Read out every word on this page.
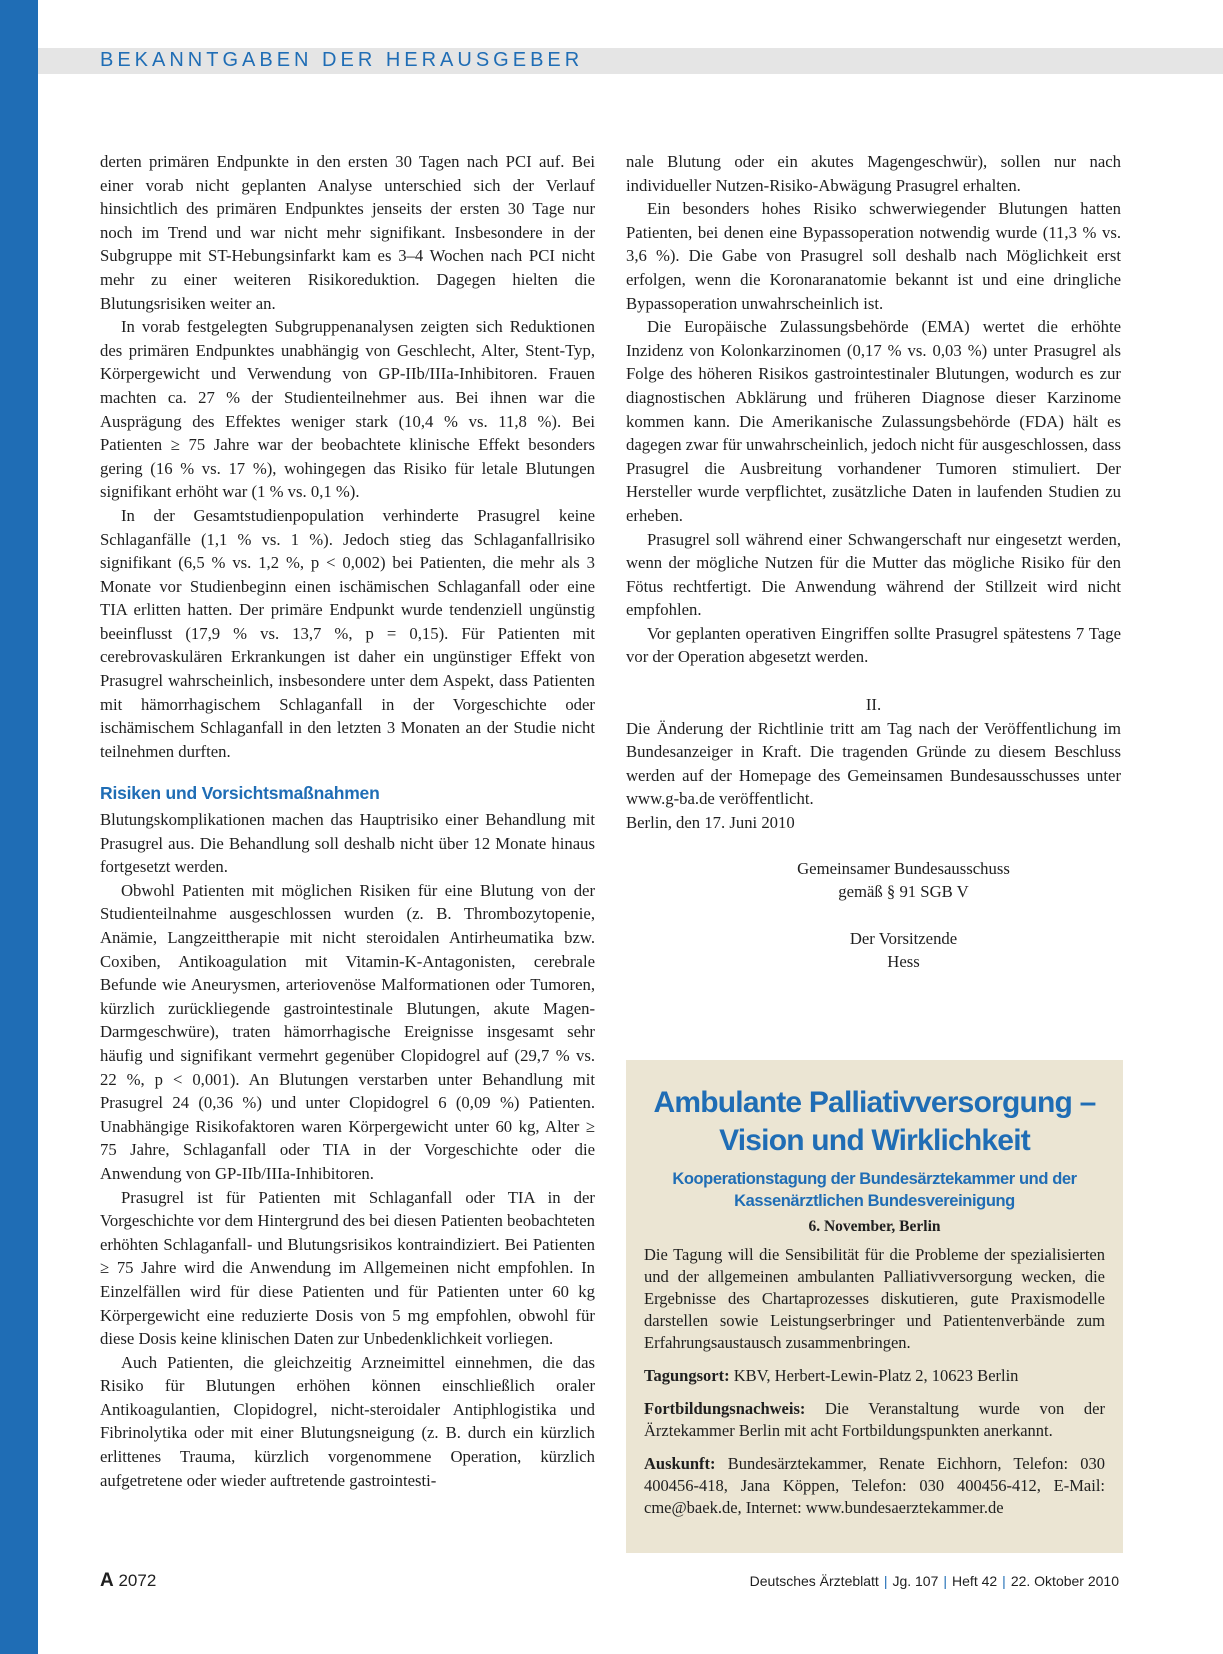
BEKANNTGABEN DER HERAUSGEBER

derten primären Endpunkte in den ersten 30 Tagen nach PCI auf. Bei einer vorab nicht geplanten Analyse unterschied sich der Verlauf hinsichtlich des primären Endpunktes jenseits der ersten 30 Tage nur noch im Trend und war nicht mehr signifikant. Insbesondere in der Subgruppe mit ST-Hebungsinfarkt kam es 3–4 Wochen nach PCI nicht mehr zu einer weiteren Risikoreduktion. Dagegen hielten die Blutungsrisiken weiter an.

In vorab festgelegten Subgruppenanalysen zeigten sich Reduktionen des primären Endpunktes unabhängig von Geschlecht, Alter, Stent-Typ, Körpergewicht und Verwendung von GP-IIb/IIIa-Inhibitoren. Frauen machten ca. 27 % der Studienteilnehmer aus. Bei ihnen war die Ausprägung des Effektes weniger stark (10,4 % vs. 11,8 %). Bei Patienten ≥ 75 Jahre war der beobachtete klinische Effekt besonders gering (16 % vs. 17 %), wohingegen das Risiko für letale Blutungen signifikant erhöht war (1 % vs. 0,1 %).

In der Gesamtstudienpopulation verhinderte Prasugrel keine Schlaganfälle (1,1 % vs. 1 %). Jedoch stieg das Schlaganfallrisiko signifikant (6,5 % vs. 1,2 %, p < 0,002) bei Patienten, die mehr als 3 Monate vor Studienbeginn einen ischämischen Schlaganfall oder eine TIA erlitten hatten. Der primäre Endpunkt wurde tendenziell ungünstig beeinflusst (17,9 % vs. 13,7 %, p = 0,15). Für Patienten mit cerebrovaskulären Erkrankungen ist daher ein ungünstiger Effekt von Prasugrel wahrscheinlich, insbesondere unter dem Aspekt, dass Patienten mit hämorrhagischem Schlaganfall in der Vorgeschichte oder ischämischem Schlaganfall in den letzten 3 Monaten an der Studie nicht teilnehmen durften.

Risiken und Vorsichtsmaßnahmen

Blutungskomplikationen machen das Hauptrisiko einer Behandlung mit Prasugrel aus. Die Behandlung soll deshalb nicht über 12 Monate hinaus fortgesetzt werden.

Obwohl Patienten mit möglichen Risiken für eine Blutung von der Studienteilnahme ausgeschlossen wurden (z. B. Thrombozytopenie, Anämie, Langzeittherapie mit nicht steroidalen Antirheumatika bzw. Coxiben, Antikoagulation mit Vitamin-K-Antagonisten, cerebrale Befunde wie Aneurysmen, arteriovenöse Malformationen oder Tumoren, kürzlich zurückliegende gastrointestinale Blutungen, akute Magen-Darmgeschwüre), traten hämorrhagische Ereignisse insgesamt sehr häufig und signifikant vermehrt gegenüber Clopidogrel auf (29,7 % vs. 22 %, p < 0,001). An Blutungen verstarben unter Behandlung mit Prasugrel 24 (0,36 %) und unter Clopidogrel 6 (0,09 %) Patienten. Unabhängige Risikofaktoren waren Körpergewicht unter 60 kg, Alter ≥ 75 Jahre, Schlaganfall oder TIA in der Vorgeschichte oder die Anwendung von GP-IIb/IIIa-Inhibitoren.

Prasugrel ist für Patienten mit Schlaganfall oder TIA in der Vorgeschichte vor dem Hintergrund des bei diesen Patienten beobachteten erhöhten Schlaganfall- und Blutungsrisikos kontraindiziert. Bei Patienten ≥ 75 Jahre wird die Anwendung im Allgemeinen nicht empfohlen. In Einzelfällen wird für diese Patienten und für Patienten unter 60 kg Körpergewicht eine reduzierte Dosis von 5 mg empfohlen, obwohl für diese Dosis keine klinischen Daten zur Unbedenklichkeit vorliegen.

Auch Patienten, die gleichzeitig Arzneimittel einnehmen, die das Risiko für Blutungen erhöhen können einschließlich oraler Antikoagulantien, Clopidogrel, nicht-steroidaler Antiphlogistika und Fibrinolytika oder mit einer Blutungsneigung (z. B. durch ein kürzlich erlittenes Trauma, kürzlich vorgenommene Operation, kürzlich aufgetretene oder wieder auftretende gastrointesti-

nale Blutung oder ein akutes Magengeschwür), sollen nur nach individueller Nutzen-Risiko-Abwägung Prasugrel erhalten.

Ein besonders hohes Risiko schwerwiegender Blutungen hatten Patienten, bei denen eine Bypassoperation notwendig wurde (11,3 % vs. 3,6 %). Die Gabe von Prasugrel soll deshalb nach Möglichkeit erst erfolgen, wenn die Koronaranatomie bekannt ist und eine dringliche Bypassoperation unwahrscheinlich ist.

Die Europäische Zulassungsbehörde (EMA) wertet die erhöhte Inzidenz von Kolonkarzinomen (0,17 % vs. 0,03 %) unter Prasugrel als Folge des höheren Risikos gastrointestinaler Blutungen, wodurch es zur diagnostischen Abklärung und früheren Diagnose dieser Karzinome kommen kann. Die Amerikanische Zulassungsbehörde (FDA) hält es dagegen zwar für unwahrscheinlich, jedoch nicht für ausgeschlossen, dass Prasugrel die Ausbreitung vorhandener Tumoren stimuliert. Der Hersteller wurde verpflichtet, zusätzliche Daten in laufenden Studien zu erheben.

Prasugrel soll während einer Schwangerschaft nur eingesetzt werden, wenn der mögliche Nutzen für die Mutter das mögliche Risiko für den Fötus rechtfertigt. Die Anwendung während der Stillzeit wird nicht empfohlen.

Vor geplanten operativen Eingriffen sollte Prasugrel spätestens 7 Tage vor der Operation abgesetzt werden.

II.

Die Änderung der Richtlinie tritt am Tag nach der Veröffentlichung im Bundesanzeiger in Kraft. Die tragenden Gründe zu diesem Beschluss werden auf der Homepage des Gemeinsamen Bundesausschusses unter www.g-ba.de veröffentlicht.

Berlin, den 17. Juni 2010

Gemeinsamer Bundesausschuss
gemäß § 91 SGB V
Der Vorsitzende
Hess
Ambulante Palliativversorgung –
Vision und Wirklichkeit
Kooperationstagung der Bundesärztekammer und der Kassenärztlichen Bundesvereinigung
6. November, Berlin

Die Tagung will die Sensibilität für die Probleme der spezialisierten und der allgemeinen ambulanten Palliativversorgung wecken, die Ergebnisse des Chartaprozesses diskutieren, gute Praxismodelle darstellen sowie Leistungserbringer und Patientenverbände zum Erfahrungsaustausch zusammenbringen.

Tagungsort: KBV, Herbert-Lewin-Platz 2, 10623 Berlin

Fortbildungsnachweis: Die Veranstaltung wurde von der Ärztekammer Berlin mit acht Fortbildungspunkten anerkannt.

Auskunft: Bundesärztekammer, Renate Eichhorn, Telefon: 030 400456-418, Jana Köppen, Telefon: 030 400456-412, E-Mail: cme@baek.de, Internet: www.bundesaerztekammer.de

A 2072	Deutsches Ärzteblatt | Jg. 107 | Heft 42 | 22. Oktober 2010
